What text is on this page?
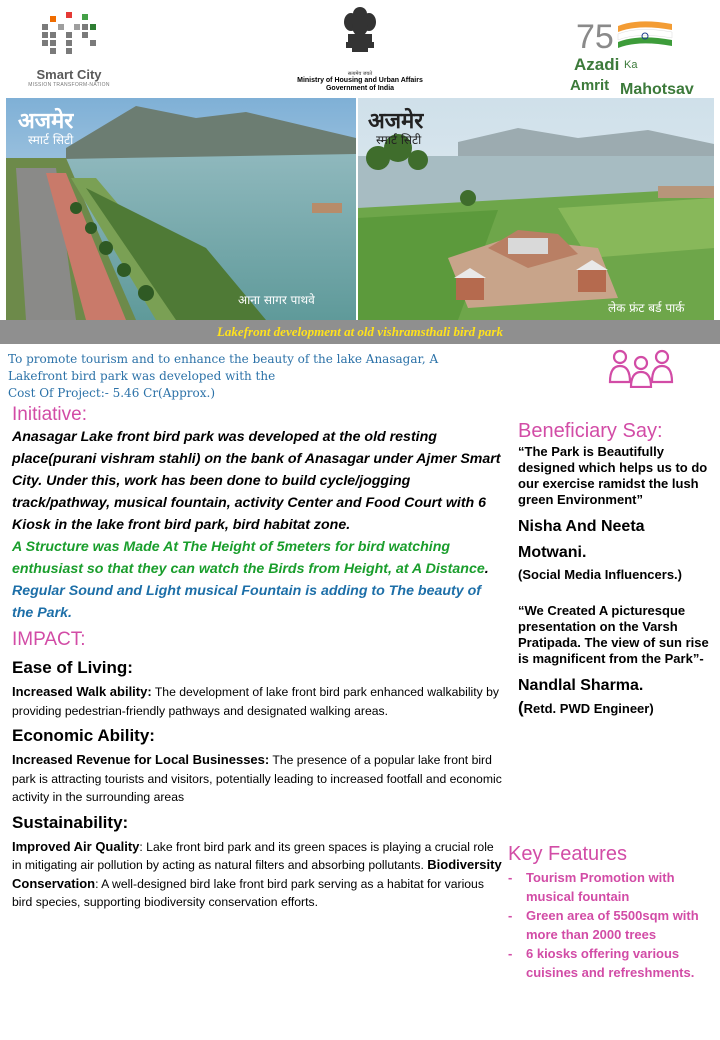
Smart City
MISSION TRANSFORM-NATION
सत्यमेव जयते
Ministry of Housing and Urban Affairs
Government of India
75
Azadi Ka
Amrit Mahotsav
अजमेर
स्मार्ट सिटी
आना सागर पाथवे
अजमेर
स्मार्ट सिटी
लेक फ्रंट बर्ड पार्क
Lakefront development at old vishramsthali bird park
To promote tourism and to enhance the beauty of the lake Anasagar, A
Lakefront bird park was developed with the
Cost Of Project:- 5.46 Cr(Approx.)
Initiative:
Anasagar Lake front bird park was developed at the old resting place(purani vishram stahli) on the bank of Anasagar under Ajmer Smart City. Under this, work has been done to build cycle/jogging track/pathway, musical fountain, activity Center and Food Court with 6 Kiosk in the lake front bird park, bird habitat zone.
A Structure was Made At The Height of 5meters for bird watching enthusiast so that they can watch the Birds from Height, at A Distance.
Regular Sound and Light musical Fountain is adding to The beauty of the Park.
IMPACT:
Ease of Living:
Increased Walk ability: The development of lake front bird park enhanced walkability by providing pedestrian-friendly pathways and designated walking areas.
Economic Ability:
Increased Revenue for Local Businesses: The presence of a popular lake front bird park is attracting tourists and visitors, potentially leading to increased footfall and economic activity in the surrounding areas
Sustainability:
Improved Air Quality: Lake front bird park and its green spaces is playing a crucial role in mitigating air pollution by acting as natural filters and absorbing pollutants. Biodiversity Conservation: A well-designed bird lake front bird park serving as a habitat for various bird species, supporting biodiversity conservation efforts.
Beneficiary Say:
“The Park is Beautifully designed which helps us to do our exercise ramidst the lush green Environment”
Nisha And Neeta Motwani.
(Social Media Influencers.)
“We Created A picturesque presentation on the Varsh Pratipada. The view of sun rise is magnificent from the Park”-
Nandlal Sharma.
(Retd. PWD Engineer)
Key Features
- Tourism Promotion with musical fountain
- Green area of 5500sqm with more than 2000 trees
- 6 kiosks offering various cuisines and refreshments.
